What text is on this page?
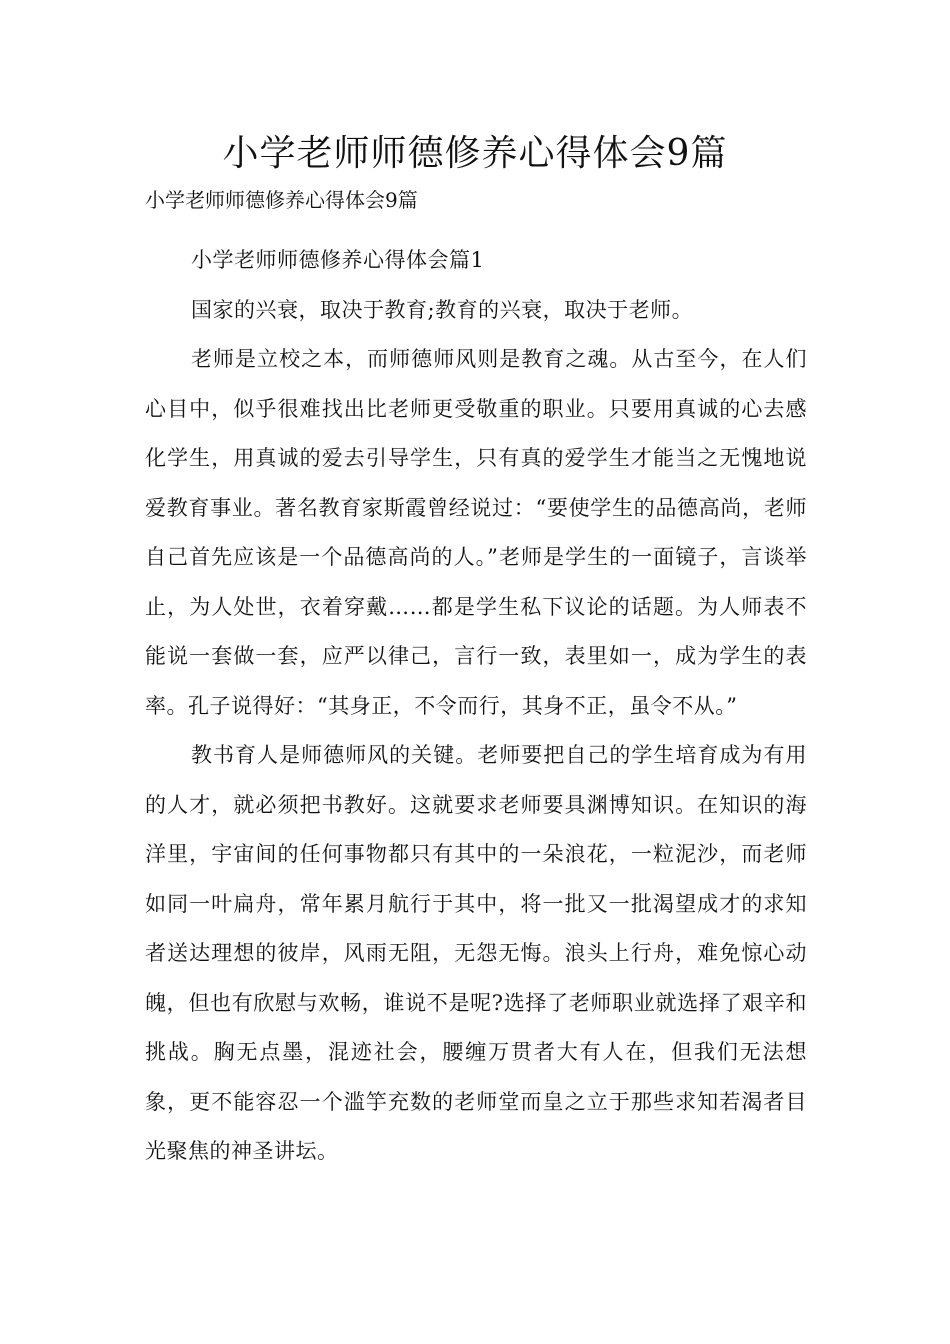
小学老师师德修养心得体会9篇

小学老师师德修养心得体会9篇

小学老师师德修养心得体会篇1

国家的兴衰，取决于教育;教育的兴衰，取决于老师。

老师是立校之本，而师德师风则是教育之魂。从古至今，在人们心目中，似乎很难找出比老师更受敬重的职业。只要用真诚的心去感化学生，用真诚的爱去引导学生，只有真的爱学生才能当之无愧地说爱教育事业。著名教育家斯霞曾经说过：“要使学生的品德高尚，老师自己首先应该是一个品德高尚的人。”老师是学生的一面镜子，言谈举止，为人处世，衣着穿戴……都是学生私下议论的话题。为人师表不能说一套做一套，应严以律己，言行一致，表里如一，成为学生的表率。孔子说得好：“其身正，不令而行，其身不正，虽令不从。”

教书育人是师德师风的关键。老师要把自己的学生培育成为有用的人才，就必须把书教好。这就要求老师要具渊博知识。在知识的海洋里，宇宙间的任何事物都只有其中的一朵浪花，一粒泥沙，而老师如同一叶扁舟，常年累月航行于其中，将一批又一批渴望成才的求知者送达理想的彼岸，风雨无阻，无怨无悔。浪头上行舟，难免惊心动魄，但也有欣慰与欢畅，谁说不是呢?选择了老师职业就选择了艰辛和挑战。胸无点墨，混迹社会，腰缠万贯者大有人在，但我们无法想象，更不能容忍一个滥竽充数的老师堂而皇之立于那些求知若渴者目光聚焦的神圣讲坛。
